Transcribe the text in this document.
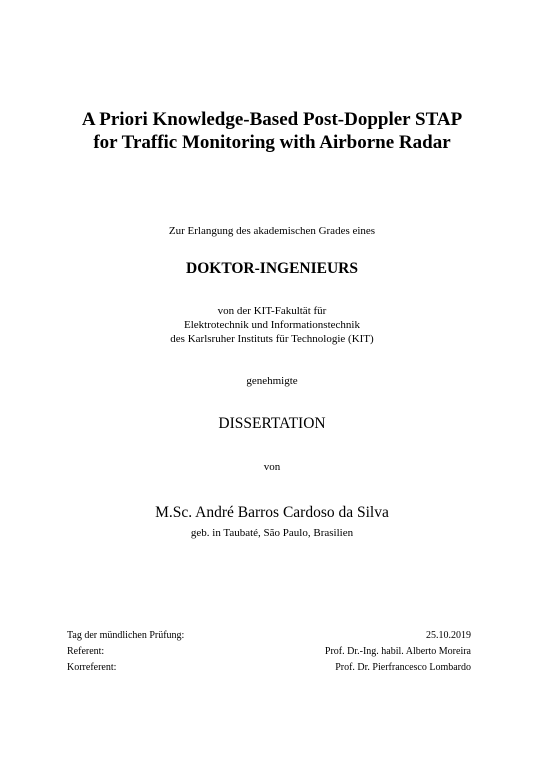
A Priori Knowledge-Based Post-Doppler STAP
for Traffic Monitoring with Airborne Radar
Zur Erlangung des akademischen Grades eines
DOKTOR-INGENIEURS
von der KIT-Fakultät für
Elektrotechnik und Informationstechnik
des Karlsruher Instituts für Technologie (KIT)
genehmigte
DISSERTATION
von
M.Sc. André Barros Cardoso da Silva
geb. in Taubaté, São Paulo, Brasilien
Tag der mündlichen Prüfung:	25.10.2019
Referent:	Prof. Dr.-Ing. habil. Alberto Moreira
Korreferent:	Prof. Dr. Pierfrancesco Lombardo
